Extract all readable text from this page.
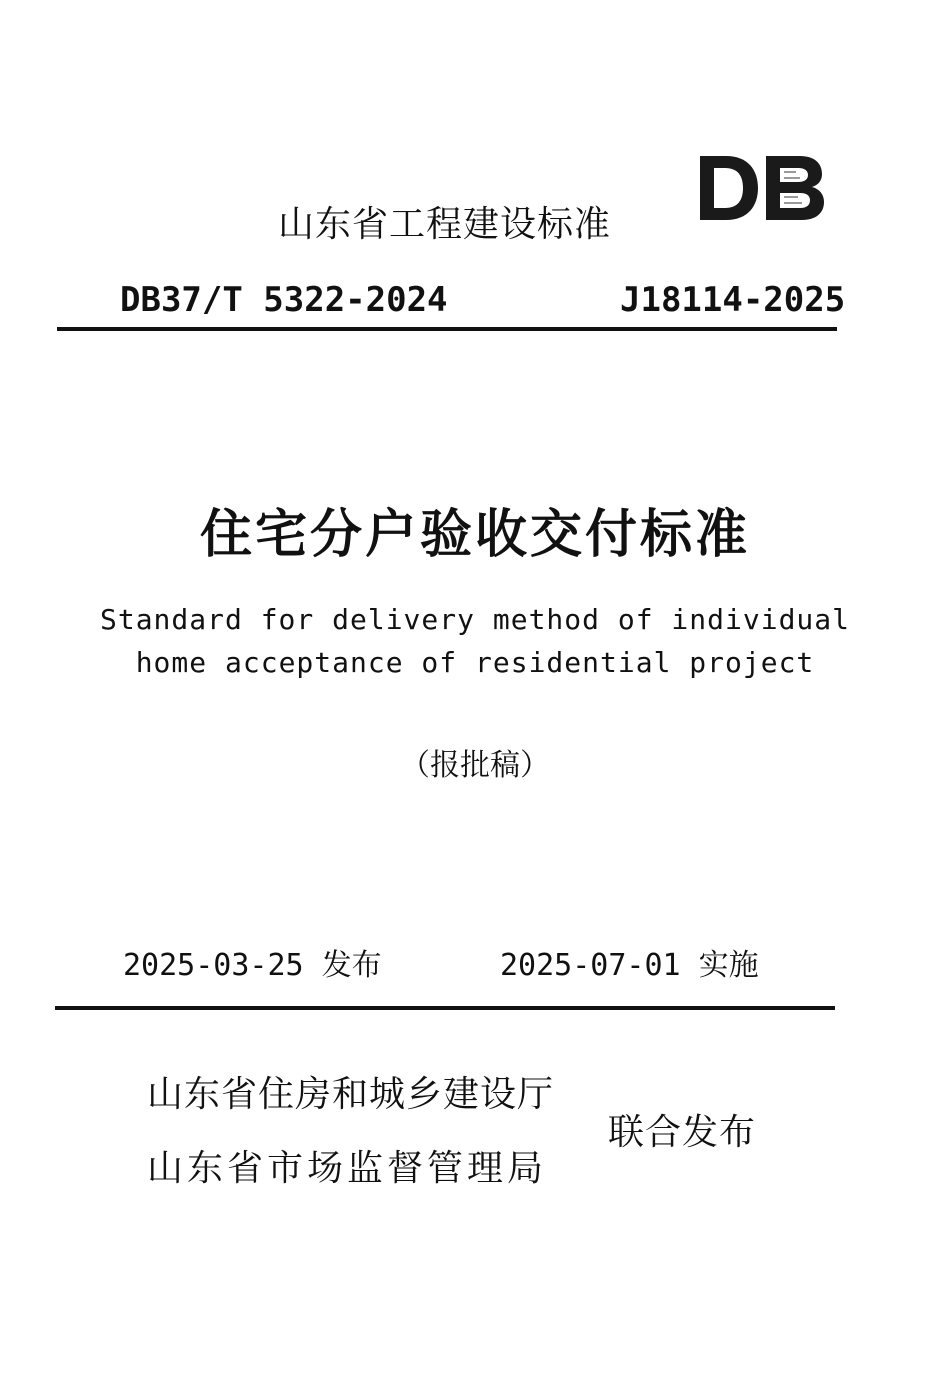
山东省工程建设标准
DB37/T 5322-2024	J18114-2025
住宅分户验收交付标准
Standard for delivery method of individual
home acceptance of residential project
（报批稿）
2025-03-25 发布	2025-07-01 实施
山东省住房和城乡建设厅
山东省市场监督管理局
联合发布
